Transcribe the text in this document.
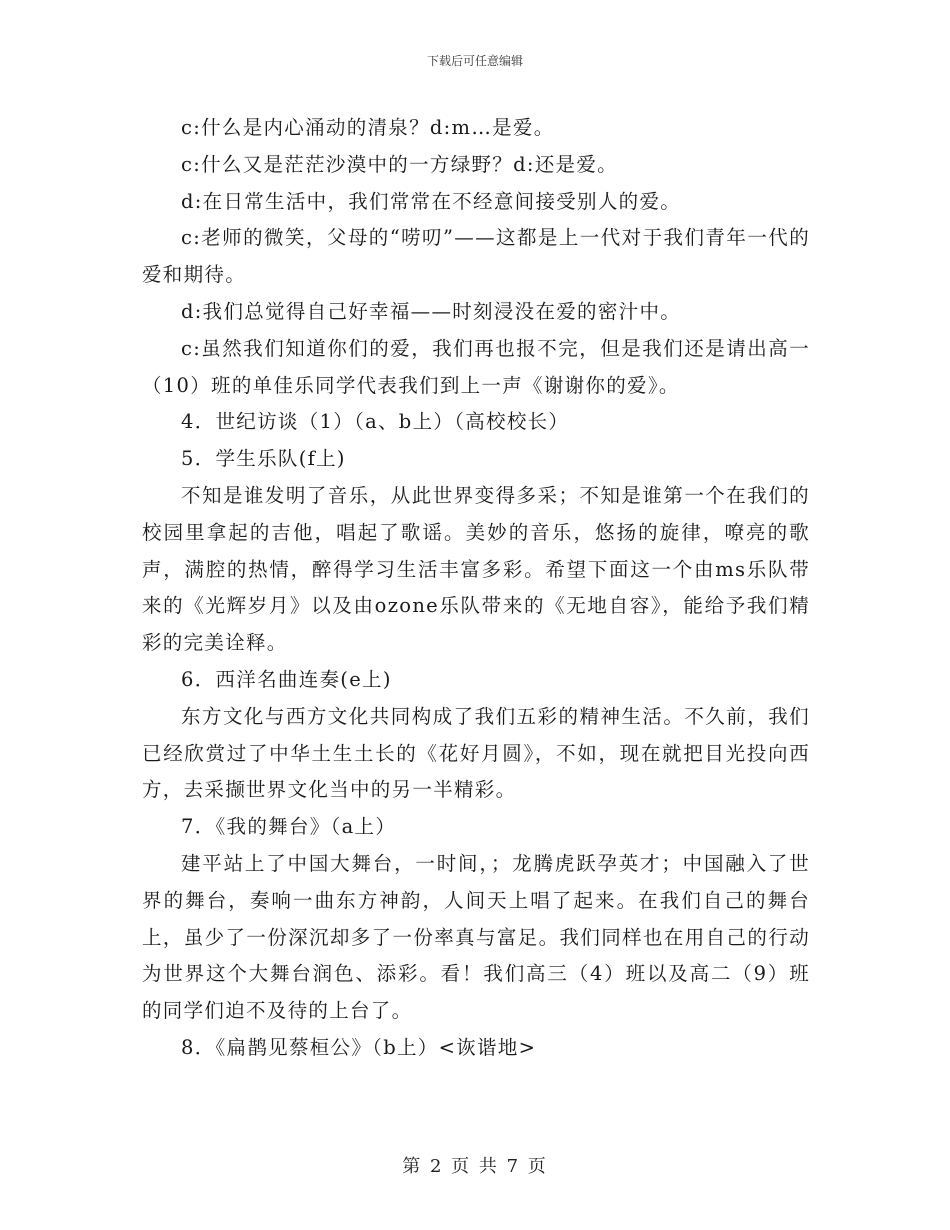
下载后可任意编辑

c:什么是内心涌动的清泉？d:m…是爱。

c:什么又是茫茫沙漠中的一方绿野？d:还是爱。

d:在日常生活中，我们常常在不经意间接受别人的爱。

c:老师的微笑，父母的“唠叨”——这都是上一代对于我们青年一代的爱和期待。

d:我们总觉得自己好幸福——时刻浸没在爱的密汁中。

c:虽然我们知道你们的爱，我们再也报不完，但是我们还是请出高一（10）班的单佳乐同学代表我们到上一声《谢谢你的爱》。

4．世纪访谈（1）（a、b上）（高校校长）

5．学生乐队(f上)

不知是谁发明了音乐，从此世界变得多采；不知是谁第一个在我们的校园里拿起的吉他，唱起了歌谣。美妙的音乐，悠扬的旋律，嘹亮的歌声，满腔的热情，醉得学习生活丰富多彩。希望下面这一个由ms乐队带来的《光辉岁月》以及由ozone乐队带来的《无地自容》，能给予我们精彩的完美诠释。

6．西洋名曲连奏(e上)

东方文化与西方文化共同构成了我们五彩的精神生活。不久前，我们已经欣赏过了中华土生土长的《花好月圆》，不如，现在就把目光投向西方，去采撷世界文化当中的另一半精彩。

7．《我的舞台》（a上）

建平站上了中国大舞台，一时间，；龙腾虎跃孕英才；中国融入了世界的舞台，奏响一曲东方神韵，人间天上唱了起来。在我们自己的舞台上，虽少了一份深沉却多了一份率真与富足。我们同样也在用自己的行动为世界这个大舞台润色、添彩。看！我们高三（4）班以及高二（9）班的同学们迫不及待的上台了。

8．《扁鹊见蔡桓公》（b上）<诙谐地>

第 2 页 共 7 页
